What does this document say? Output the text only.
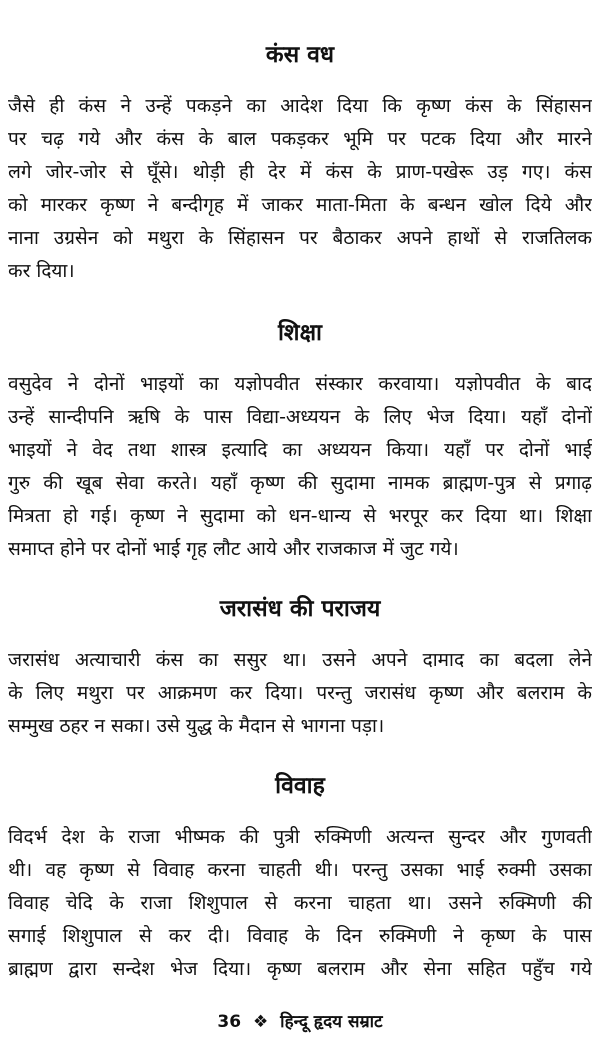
कंस वध
जैसे ही कंस ने उन्हें पकड़ने का आदेश दिया कि कृष्ण कंस के सिंहासन
पर चढ़ गये और कंस के बाल पकड़कर भूमि पर पटक दिया और मारने
लगे जोर-जोर से घूँसे। थोड़ी ही देर में कंस के प्राण-पखेरू उड़ गए। कंस
को मारकर कृष्ण ने बन्दीगृह में जाकर माता-मिता के बन्धन खोल दिये और
नाना उग्रसेन को मथुरा के सिंहासन पर बैठाकर अपने हाथों से राजतिलक
कर दिया।
शिक्षा
वसुदेव ने दोनों भाइयों का यज्ञोपवीत संस्कार करवाया। यज्ञोपवीत के बाद
उन्हें सान्दीपनि ऋषि के पास विद्या-अध्ययन के लिए भेज दिया। यहाँ दोनों
भाइयों ने वेद तथा शास्त्र इत्यादि का अध्ययन किया। यहाँ पर दोनों भाई
गुरु की खूब सेवा करते। यहाँ कृष्ण की सुदामा नामक ब्राह्मण-पुत्र से प्रगाढ़
मित्रता हो गई। कृष्ण ने सुदामा को धन-धान्य से भरपूर कर दिया था। शिक्षा
समाप्त होने पर दोनों भाई गृह लौट आये और राजकाज में जुट गये।
जरासंध की पराजय
जरासंध अत्याचारी कंस का ससुर था। उसने अपने दामाद का बदला लेने
के लिए मथुरा पर आक्रमण कर दिया। परन्तु जरासंध कृष्ण और बलराम के
सम्मुख ठहर न सका। उसे युद्ध के मैदान से भागना पड़ा।
विवाह
विदर्भ देश के राजा भीष्मक की पुत्री रुक्मिणी अत्यन्त सुन्दर और गुणवती
थी। वह कृष्ण से विवाह करना चाहती थी। परन्तु उसका भाई रुक्मी उसका
विवाह चेदि के राजा शिशुपाल से करना चाहता था। उसने रुक्मिणी की
सगाई शिशुपाल से कर दी। विवाह के दिन रुक्मिणी ने कृष्ण के पास
ब्राह्मण द्वारा सन्देश भेज दिया। कृष्ण बलराम और सेना सहित पहुँच गये
36 ❖ हिन्दू हृदय सम्राट
